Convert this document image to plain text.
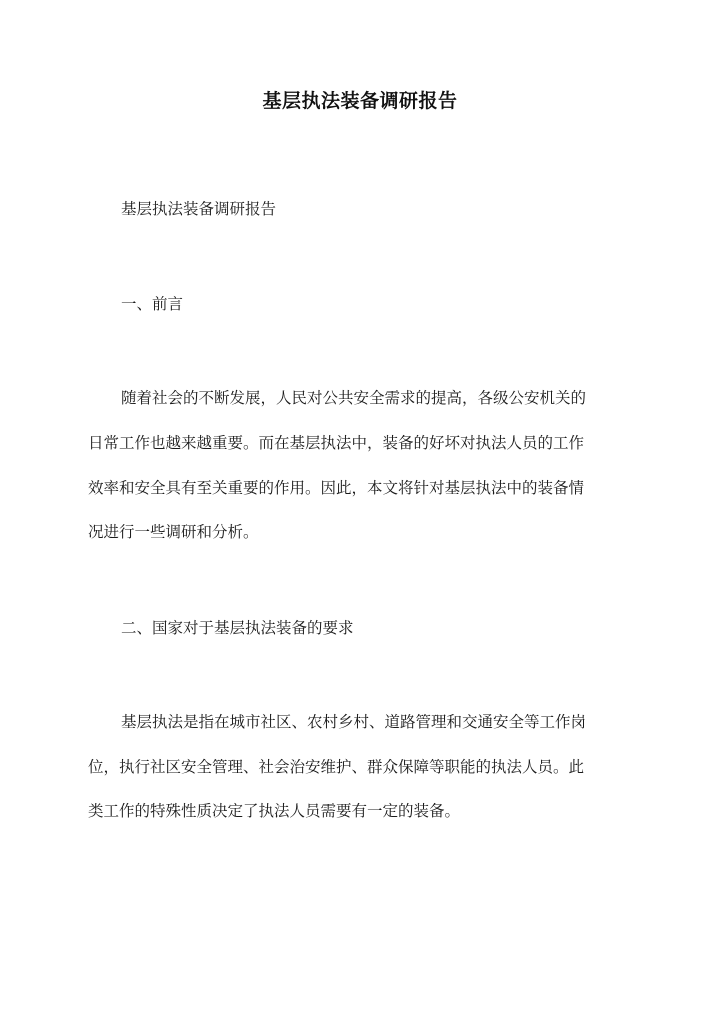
基层执法装备调研报告
基层执法装备调研报告
一、前言
随着社会的不断发展，人民对公共安全需求的提高，各级公安机关的
日常工作也越来越重要。而在基层执法中，装备的好坏对执法人员的工作
效率和安全具有至关重要的作用。因此，本文将针对基层执法中的装备情
况进行一些调研和分析。
二、国家对于基层执法装备的要求
基层执法是指在城市社区、农村乡村、道路管理和交通安全等工作岗
位，执行社区安全管理、社会治安维护、群众保障等职能的执法人员。此
类工作的特殊性质决定了执法人员需要有一定的装备。
